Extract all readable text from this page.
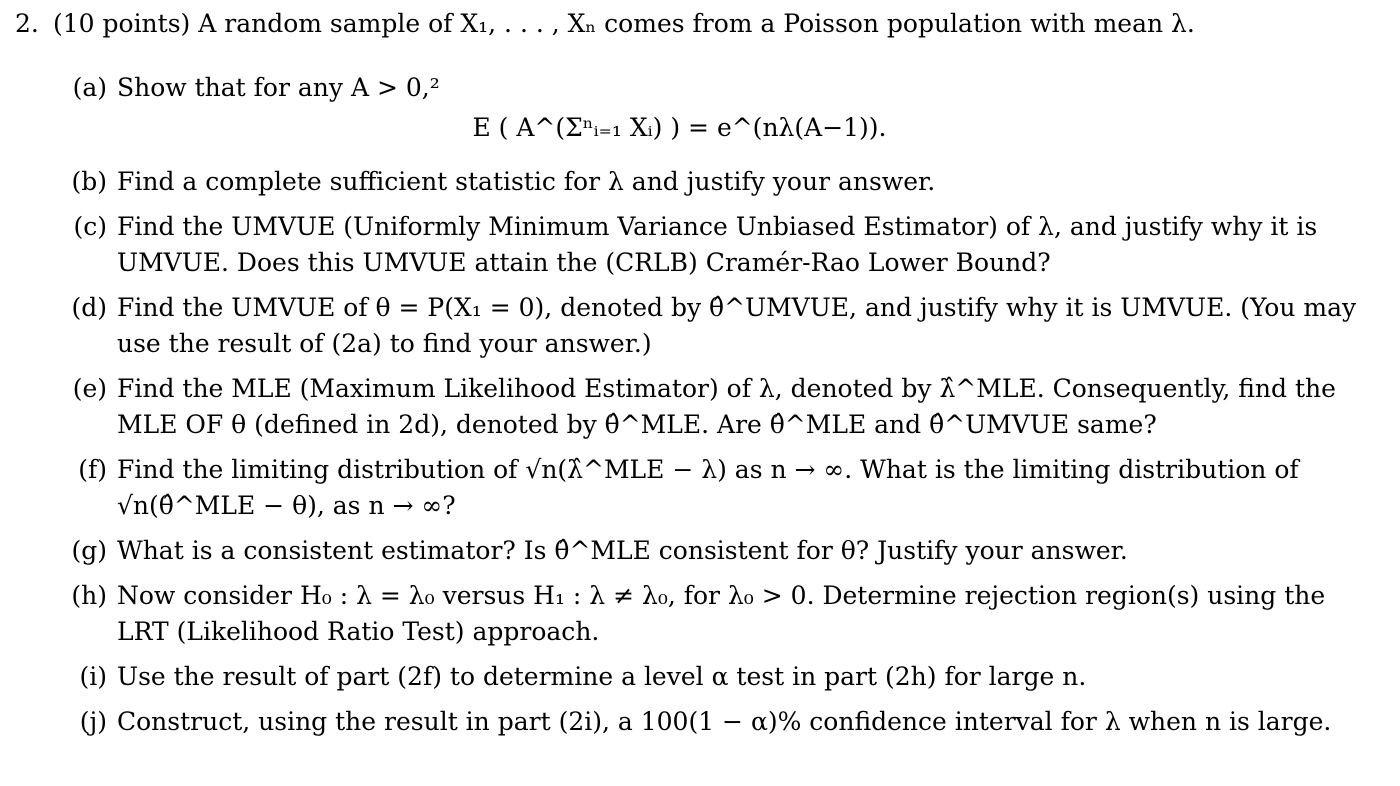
2. (10 points) A random sample of X₁, . . . , Xₙ comes from a Poisson population with mean λ.
(a) Show that for any A > 0,²
E ( A^(Σⁿᵢ₌₁ Xᵢ) ) = e^(nλ(A−1)).
(b) Find a complete sufficient statistic for λ and justify your answer.
(c) Find the UMVUE (Uniformly Minimum Variance Unbiased Estimator) of λ, and justify why it is UMVUE. Does this UMVUE attain the (CRLB) Cramér-Rao Lower Bound?
(d) Find the UMVUE of θ = P(X₁ = 0), denoted by θ̂^UMVUE, and justify why it is UMVUE. (You may use the result of (2a) to find your answer.)
(e) Find the MLE (Maximum Likelihood Estimator) of λ, denoted by λ̂^MLE. Consequently, find the MLE OF θ (defined in 2d), denoted by θ̂^MLE. Are θ̂^MLE and θ̂^UMVUE same?
(f) Find the limiting distribution of √n(λ̂^MLE − λ) as n → ∞. What is the limiting distribution of √n(θ̂^MLE − θ), as n → ∞?
(g) What is a consistent estimator? Is θ̂^MLE consistent for θ? Justify your answer.
(h) Now consider H₀ : λ = λ₀ versus H₁ : λ ≠ λ₀, for λ₀ > 0. Determine rejection region(s) using the LRT (Likelihood Ratio Test) approach.
(i) Use the result of part (2f) to determine a level α test in part (2h) for large n.
(j) Construct, using the result in part (2i), a 100(1 − α)% confidence interval for λ when n is large.
